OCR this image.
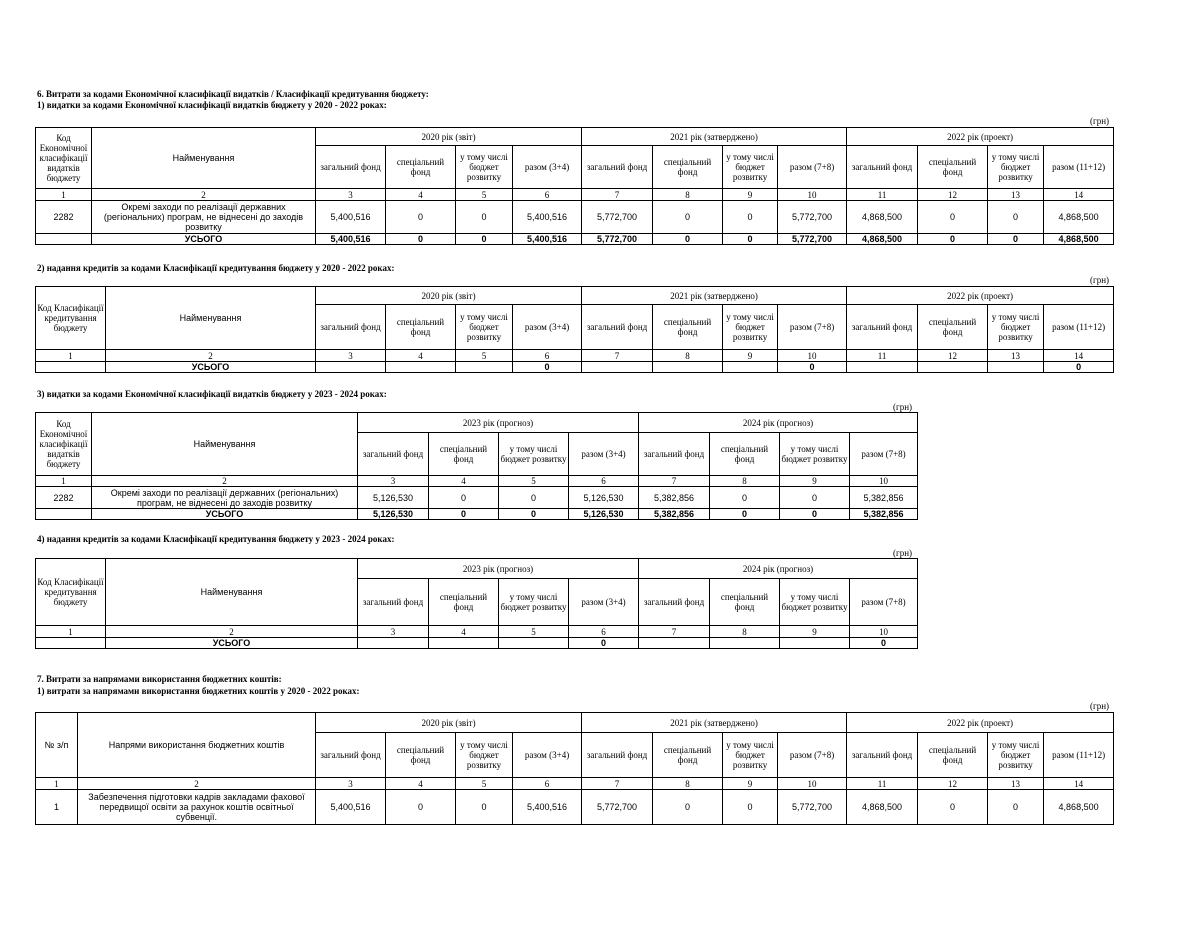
6. Витрати за кодами Економічної класифікації видатків / Класифікації кредитування бюджету:
1) видатки за кодами Економічної класифікації видатків бюджету у 2020 - 2022 роках:
(грн)
Код Економічної класифікації видатків бюджету	Найменування	2020 рік (звіт)				2021 рік (затверджено)				2022 рік (проект)			
		загальний фонд	спеціальний фонд	у тому числі бюджет розвитку	разом (3+4)	загальний фонд	спеціальний фонд	у тому числі бюджет розвитку	разом (7+8)	загальний фонд	спеціальний фонд	у тому числі бюджет розвитку	разом (11+12)
1	2	3	4	5	6	7	8	9	10	11	12	13	14
2282	Окремі заходи по реалізації державних (регіональних) програм, не віднесені до заходів розвитку	5,400,516	0	0	5,400,516	5,772,700	0	0	5,772,700	4,868,500	0	0	4,868,500
	УСЬОГО	5,400,516	0	0	5,400,516	5,772,700	0	0	5,772,700	4,868,500	0	0	4,868,500
2) надання кредитів за кодами Класифікації кредитування бюджету у 2020 - 2022 роках:
(грн)
Код Класифікації кредитування бюджету	Найменування	2020 рік (звіт)				2021 рік (затверджено)				2022 рік (проект)			
		загальний фонд	спеціальний фонд	у тому числі бюджет розвитку	разом (3+4)	загальний фонд	спеціальний фонд	у тому числі бюджет розвитку	разом (7+8)	загальний фонд	спеціальний фонд	у тому числі бюджет розвитку	разом (11+12)
1	2	3	4	5	6	7	8	9	10	11	12	13	14
	УСЬОГО				0				0				0
3) видатки за кодами Економічної класифікації видатків бюджету у 2023 - 2024 роках:
(грн)
Код Економічної класифікації видатків бюджету	Найменування	2023 рік (прогноз)				2024 рік (прогноз)			
		загальний фонд	спеціальний фонд	у тому числі бюджет розвитку	разом (3+4)	загальний фонд	спеціальний фонд	у тому числі бюджет розвитку	разом (7+8)
1	2	3	4	5	6	7	8	9	10
2282	Окремі заходи по реалізації державних (регіональних) програм, не віднесені до заходів розвитку	5,126,530	0	0	5,126,530	5,382,856	0	0	5,382,856
	УСЬОГО	5,126,530	0	0	5,126,530	5,382,856	0	0	5,382,856
4) надання кредитів за кодами Класифікації кредитування бюджету у 2023 - 2024 роках:
(грн)
Код Класифікації кредитування бюджету	Найменування	2023 рік (прогноз)				2024 рік (прогноз)			
		загальний фонд	спеціальний фонд	у тому числі бюджет розвитку	разом (3+4)	загальний фонд	спеціальний фонд	у тому числі бюджет розвитку	разом (7+8)
1	2	3	4	5	6	7	8	9	10
	УСЬОГО				0				0
7. Витрати за напрямами використання бюджетних коштів:
1) витрати за напрямами використання бюджетних коштів у 2020 - 2022 роках:
(грн)
№ з/п	Напрями використання бюджетних коштів	2020 рік (звіт)				2021 рік (затверджено)				2022 рік (проект)			
		загальний фонд	спеціальний фонд	у тому числі бюджет розвитку	разом (3+4)	загальний фонд	спеціальний фонд	у тому числі бюджет розвитку	разом (7+8)	загальний фонд	спеціальний фонд	у тому числі бюджет розвитку	разом (11+12)
1	2	3	4	5	6	7	8	9	10	11	12	13	14
1	Забезпечення підготовки кадрів закладами фахової передвищої освіти за рахунок коштів освітньої субвенції.	5,400,516	0	0	5,400,516	5,772,700	0	0	5,772,700	4,868,500	0	0	4,868,500
